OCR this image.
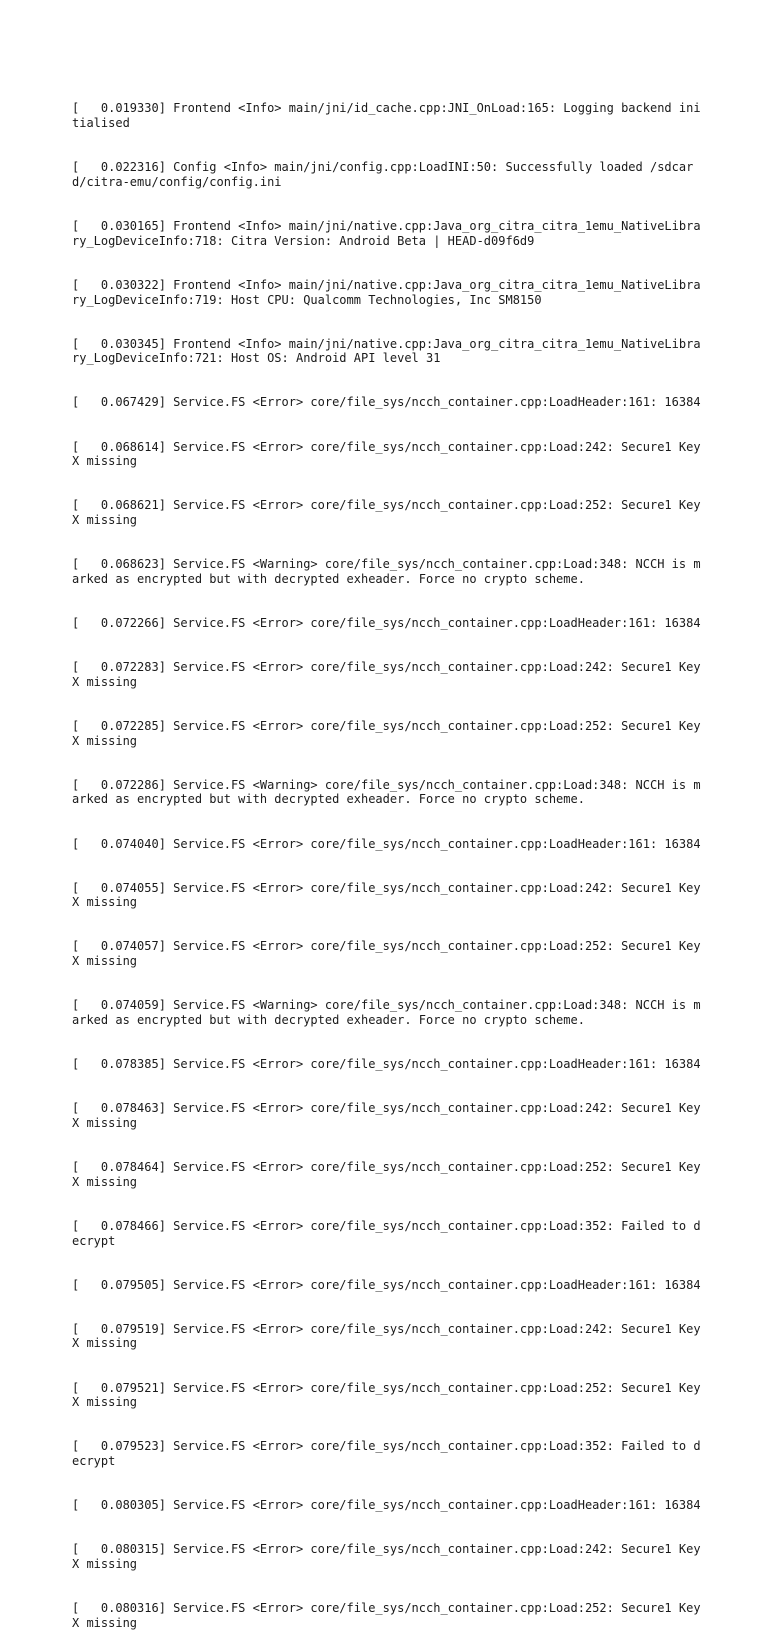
[   0.019330] Frontend <Info> main/jni/id_cache.cpp:JNI_OnLoad:165: Logging backend initialised

[   0.022316] Config <Info> main/jni/config.cpp:LoadINI:50: Successfully loaded /sdcard/citra-emu/config/config.ini

[   0.030165] Frontend <Info> main/jni/native.cpp:Java_org_citra_citra_1emu_NativeLibrary_LogDeviceInfo:718: Citra Version: Android Beta | HEAD-d09f6d9

[   0.030322] Frontend <Info> main/jni/native.cpp:Java_org_citra_citra_1emu_NativeLibrary_LogDeviceInfo:719: Host CPU: Qualcomm Technologies, Inc SM8150

[   0.030345] Frontend <Info> main/jni/native.cpp:Java_org_citra_citra_1emu_NativeLibrary_LogDeviceInfo:721: Host OS: Android API level 31

[   0.067429] Service.FS <Error> core/file_sys/ncch_container.cpp:LoadHeader:161: 16384

[   0.068614] Service.FS <Error> core/file_sys/ncch_container.cpp:Load:242: Secure1 KeyX missing

[   0.068621] Service.FS <Error> core/file_sys/ncch_container.cpp:Load:252: Secure1 KeyX missing

[   0.068623] Service.FS <Warning> core/file_sys/ncch_container.cpp:Load:348: NCCH is marked as encrypted but with decrypted exheader. Force no crypto scheme.

[   0.072266] Service.FS <Error> core/file_sys/ncch_container.cpp:LoadHeader:161: 16384

[   0.072283] Service.FS <Error> core/file_sys/ncch_container.cpp:Load:242: Secure1 KeyX missing

[   0.072285] Service.FS <Error> core/file_sys/ncch_container.cpp:Load:252: Secure1 KeyX missing

[   0.072286] Service.FS <Warning> core/file_sys/ncch_container.cpp:Load:348: NCCH is marked as encrypted but with decrypted exheader. Force no crypto scheme.

[   0.074040] Service.FS <Error> core/file_sys/ncch_container.cpp:LoadHeader:161: 16384

[   0.074055] Service.FS <Error> core/file_sys/ncch_container.cpp:Load:242: Secure1 KeyX missing

[   0.074057] Service.FS <Error> core/file_sys/ncch_container.cpp:Load:252: Secure1 KeyX missing

[   0.074059] Service.FS <Warning> core/file_sys/ncch_container.cpp:Load:348: NCCH is marked as encrypted but with decrypted exheader. Force no crypto scheme.

[   0.078385] Service.FS <Error> core/file_sys/ncch_container.cpp:LoadHeader:161: 16384

[   0.078463] Service.FS <Error> core/file_sys/ncch_container.cpp:Load:242: Secure1 KeyX missing

[   0.078464] Service.FS <Error> core/file_sys/ncch_container.cpp:Load:252: Secure1 KeyX missing

[   0.078466] Service.FS <Error> core/file_sys/ncch_container.cpp:Load:352: Failed to decrypt

[   0.079505] Service.FS <Error> core/file_sys/ncch_container.cpp:LoadHeader:161: 16384

[   0.079519] Service.FS <Error> core/file_sys/ncch_container.cpp:Load:242: Secure1 KeyX missing

[   0.079521] Service.FS <Error> core/file_sys/ncch_container.cpp:Load:252: Secure1 KeyX missing

[   0.079523] Service.FS <Error> core/file_sys/ncch_container.cpp:Load:352: Failed to decrypt

[   0.080305] Service.FS <Error> core/file_sys/ncch_container.cpp:LoadHeader:161: 16384

[   0.080315] Service.FS <Error> core/file_sys/ncch_container.cpp:Load:242: Secure1 KeyX missing

[   0.080316] Service.FS <Error> core/file_sys/ncch_container.cpp:Load:252: Secure1 KeyX missing
